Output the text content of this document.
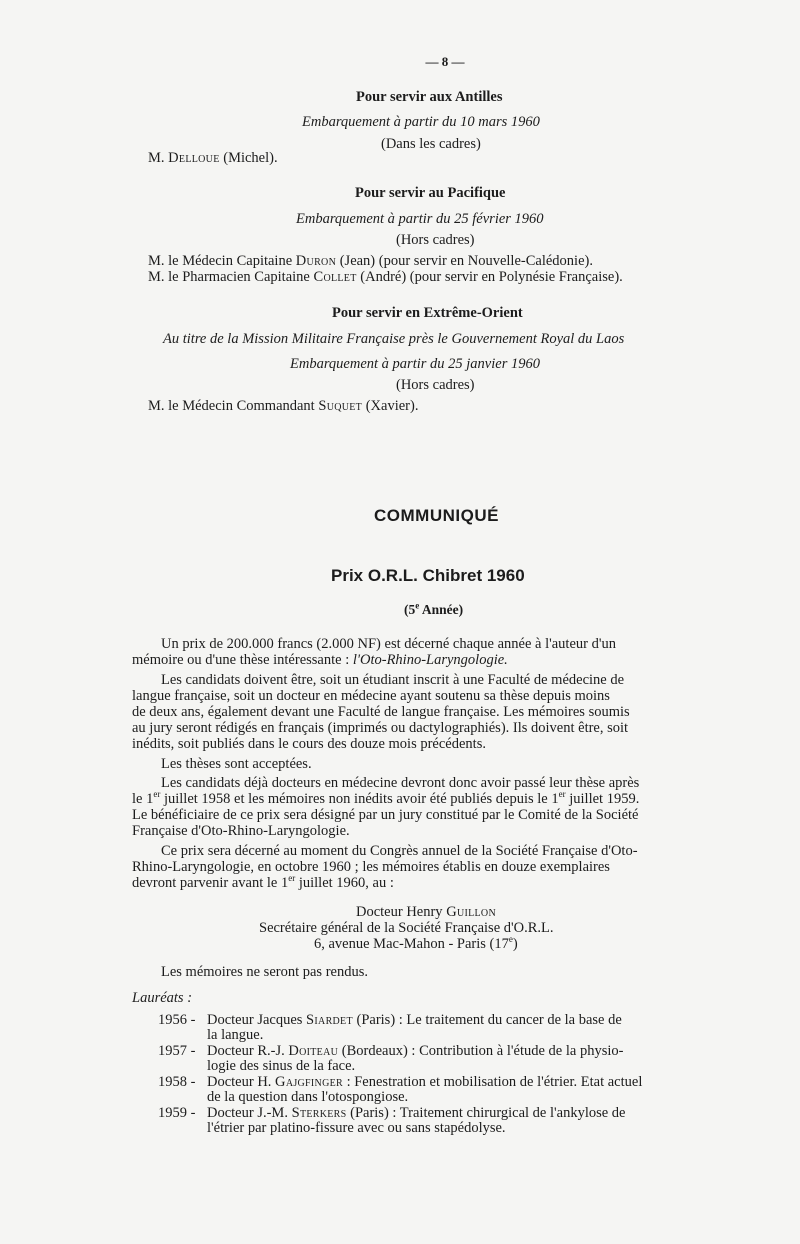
— 8 —
Pour servir aux Antilles
Embarquement à partir du 10 mars 1960
(Dans les cadres)
M. Delloue (Michel).
Pour servir au Pacifique
Embarquement à partir du 25 février 1960
(Hors cadres)
M. le Médecin Capitaine Duron (Jean) (pour servir en Nouvelle-Calédonie).
M. le Pharmacien Capitaine Collet (André) (pour servir en Polynésie Française).
Pour servir en Extrême-Orient
Au titre de la Mission Militaire Française près le Gouvernement Royal du Laos
Embarquement à partir du 25 janvier 1960
(Hors cadres)
M. le Médecin Commandant Suquet (Xavier).
COMMUNIQUÉ
Prix O.R.L. Chibret 1960
(5e Année)
Un prix de 200.000 francs (2.000 NF) est décerné chaque année à l'auteur d'un
mémoire ou d'une thèse intéressante : l'Oto-Rhino-Laryngologie.
Les candidats doivent être, soit un étudiant inscrit à une Faculté de médecine de
langue française, soit un docteur en médecine ayant soutenu sa thèse depuis moins
de deux ans, également devant une Faculté de langue française. Les mémoires soumis
au jury seront rédigés en français (imprimés ou dactylographiés). Ils doivent être, soit
inédits, soit publiés dans le cours des douze mois précédents.
Les thèses sont acceptées.
Les candidats déjà docteurs en médecine devront donc avoir passé leur thèse après
le 1er juillet 1958 et les mémoires non inédits avoir été publiés depuis le 1er juillet 1959.
Le bénéficiaire de ce prix sera désigné par un jury constitué par le Comité de la Société
Française d'Oto-Rhino-Laryngologie.
Ce prix sera décerné au moment du Congrès annuel de la Société Française d'Oto-
Rhino-Laryngologie, en octobre 1960 ; les mémoires établis en douze exemplaires
devront parvenir avant le 1er juillet 1960, au :
Docteur Henry Guillon
Secrétaire général de la Société Française d'O.R.L.
6, avenue Mac-Mahon - Paris (17e)
Les mémoires ne seront pas rendus.
Lauréats :
1956 - Docteur Jacques Siardet (Paris) : Le traitement du cancer de la base de
la langue.
1957 - Docteur R.-J. Doiteau (Bordeaux) : Contribution à l'étude de la physio-
logie des sinus de la face.
1958 - Docteur H. Gajgfinger : Fenestration et mobilisation de l'étrier. Etat actuel
de la question dans l'otospongiose.
1959 - Docteur J.-M. Sterkers (Paris) : Traitement chirurgical de l'ankylose de
l'étrier par platino-fissure avec ou sans stapédolyse.
